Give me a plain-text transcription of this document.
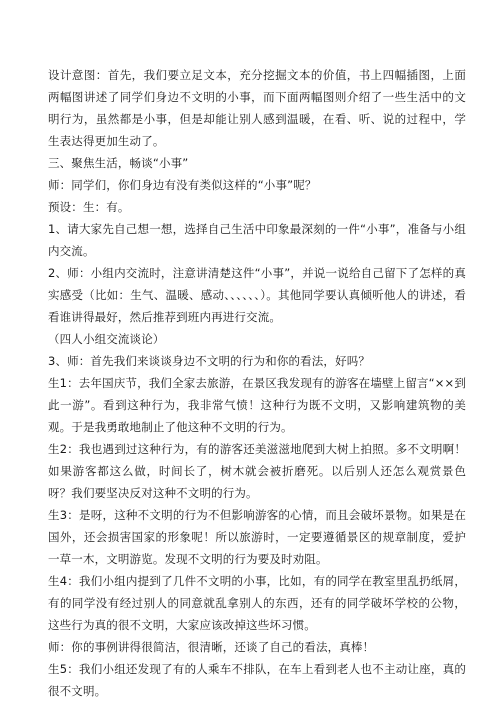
设计意图：首先，我们要立足文本，充分挖掘文本的价值，书上四幅插图，上面两幅图讲述了同学们身边不文明的小事，而下面两幅图则介绍了一些生活中的文明行为，虽然都是小事，但是却能让别人感到温暖，在看、听、说的过程中，学生表达得更加生动了。

三、聚焦生活，畅谈“小事”

师：同学们，你们身边有没有类似这样的“小事”呢？

预设：生：有。

1、请大家先自己想一想，选择自己生活中印象最深刻的一件“小事”，准备与小组内交流。

2、师：小组内交流时，注意讲清楚这件“小事”，并说一说给自己留下了怎样的真实感受（比如：生气、温暖、感动、、、、、、）。其他同学要认真倾听他人的讲述，看看谁讲得最好，然后推荐到班内再进行交流。

（四人小组交流谈论）

3、师：首先我们来谈谈身边不文明的行为和你的看法，好吗？

生1：去年国庆节，我们全家去旅游，在景区我发现有的游客在墙壁上留言“××到此一游”。看到这种行为，我非常气愤！这种行为既不文明，又影响建筑物的美观。于是我勇敢地制止了他这种不文明的行为。

生2：我也遇到过这种行为，有的游客还美滋滋地爬到大树上拍照。多不文明啊！如果游客都这么做，时间长了，树木就会被折磨死。以后别人还怎么观赏景色呀？我们要坚决反对这种不文明的行为。

生3：是呀，这种不文明的行为不但影响游客的心情，而且会破坏景物。如果是在国外，还会损害国家的形象呢！所以旅游时，一定要遵循景区的规章制度，爱护一草一木，文明游览。发现不文明的行为要及时劝阻。

生4：我们小组内提到了几件不文明的小事，比如，有的同学在教室里乱扔纸屑，有的同学没有经过别人的同意就乱拿别人的东西，还有的同学破坏学校的公物，这些行为真的很不文明，大家应该改掉这些坏习惯。

师：你的事例讲得很简洁，很清晰，还谈了自己的看法，真棒！

生5：我们小组还发现了有的人乘车不排队，在车上看到老人也不主动让座，真的很不文明。
